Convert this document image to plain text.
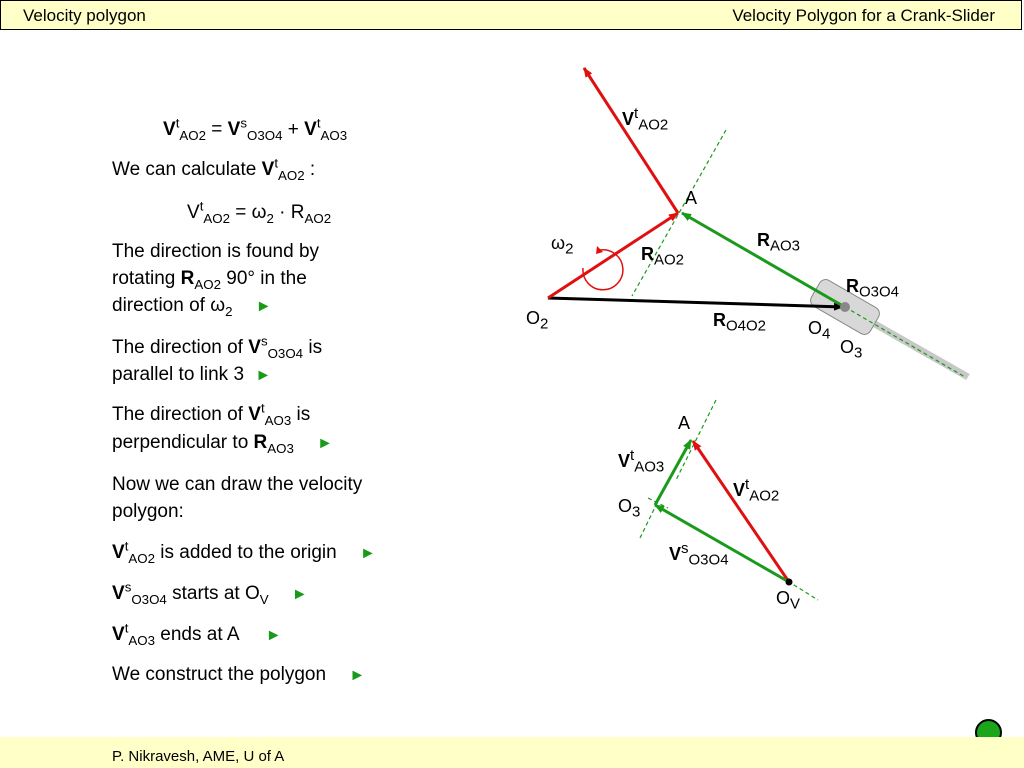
Velocity polygon	Velocity Polygon for a Crank-Slider
$V^t_{AO2} = V^s_{O3O4} + V^t_{AO3}$
We can calculate $V^t_{AO2}$ :
$V^t_{AO2} = \omega_2 \cdot R_{AO2}$
The direction is found by
rotating $R_{AO2}$ 90° in the
direction of $\omega_2$ ►
The direction of $V^s_{O3O4}$ is
parallel to link 3 ►
The direction of $V^t_{AO3}$ is
perpendicular to $R_{AO3}$ ►
Now we can draw the velocity
polygon:
$V^t_{AO2}$ is added to the origin ►
$V^s_{O3O4}$ starts at $O_V$ ►
$V^t_{AO3}$ ends at A ►
We construct the polygon ►
$V^t_{AO2}$
A
$\omega_2$	$R_{AO2}$
$R_{AO3}$
$R_{O3O4}$
$R_{O4O2}$
$O_2$	$O_4$
$O_3$
A
$V^t_{AO3}$
$V^t_{AO2}$
$O_3$
$V^s_{O3O4}$
$O_V$
P. Nikravesh, AME, U of A
